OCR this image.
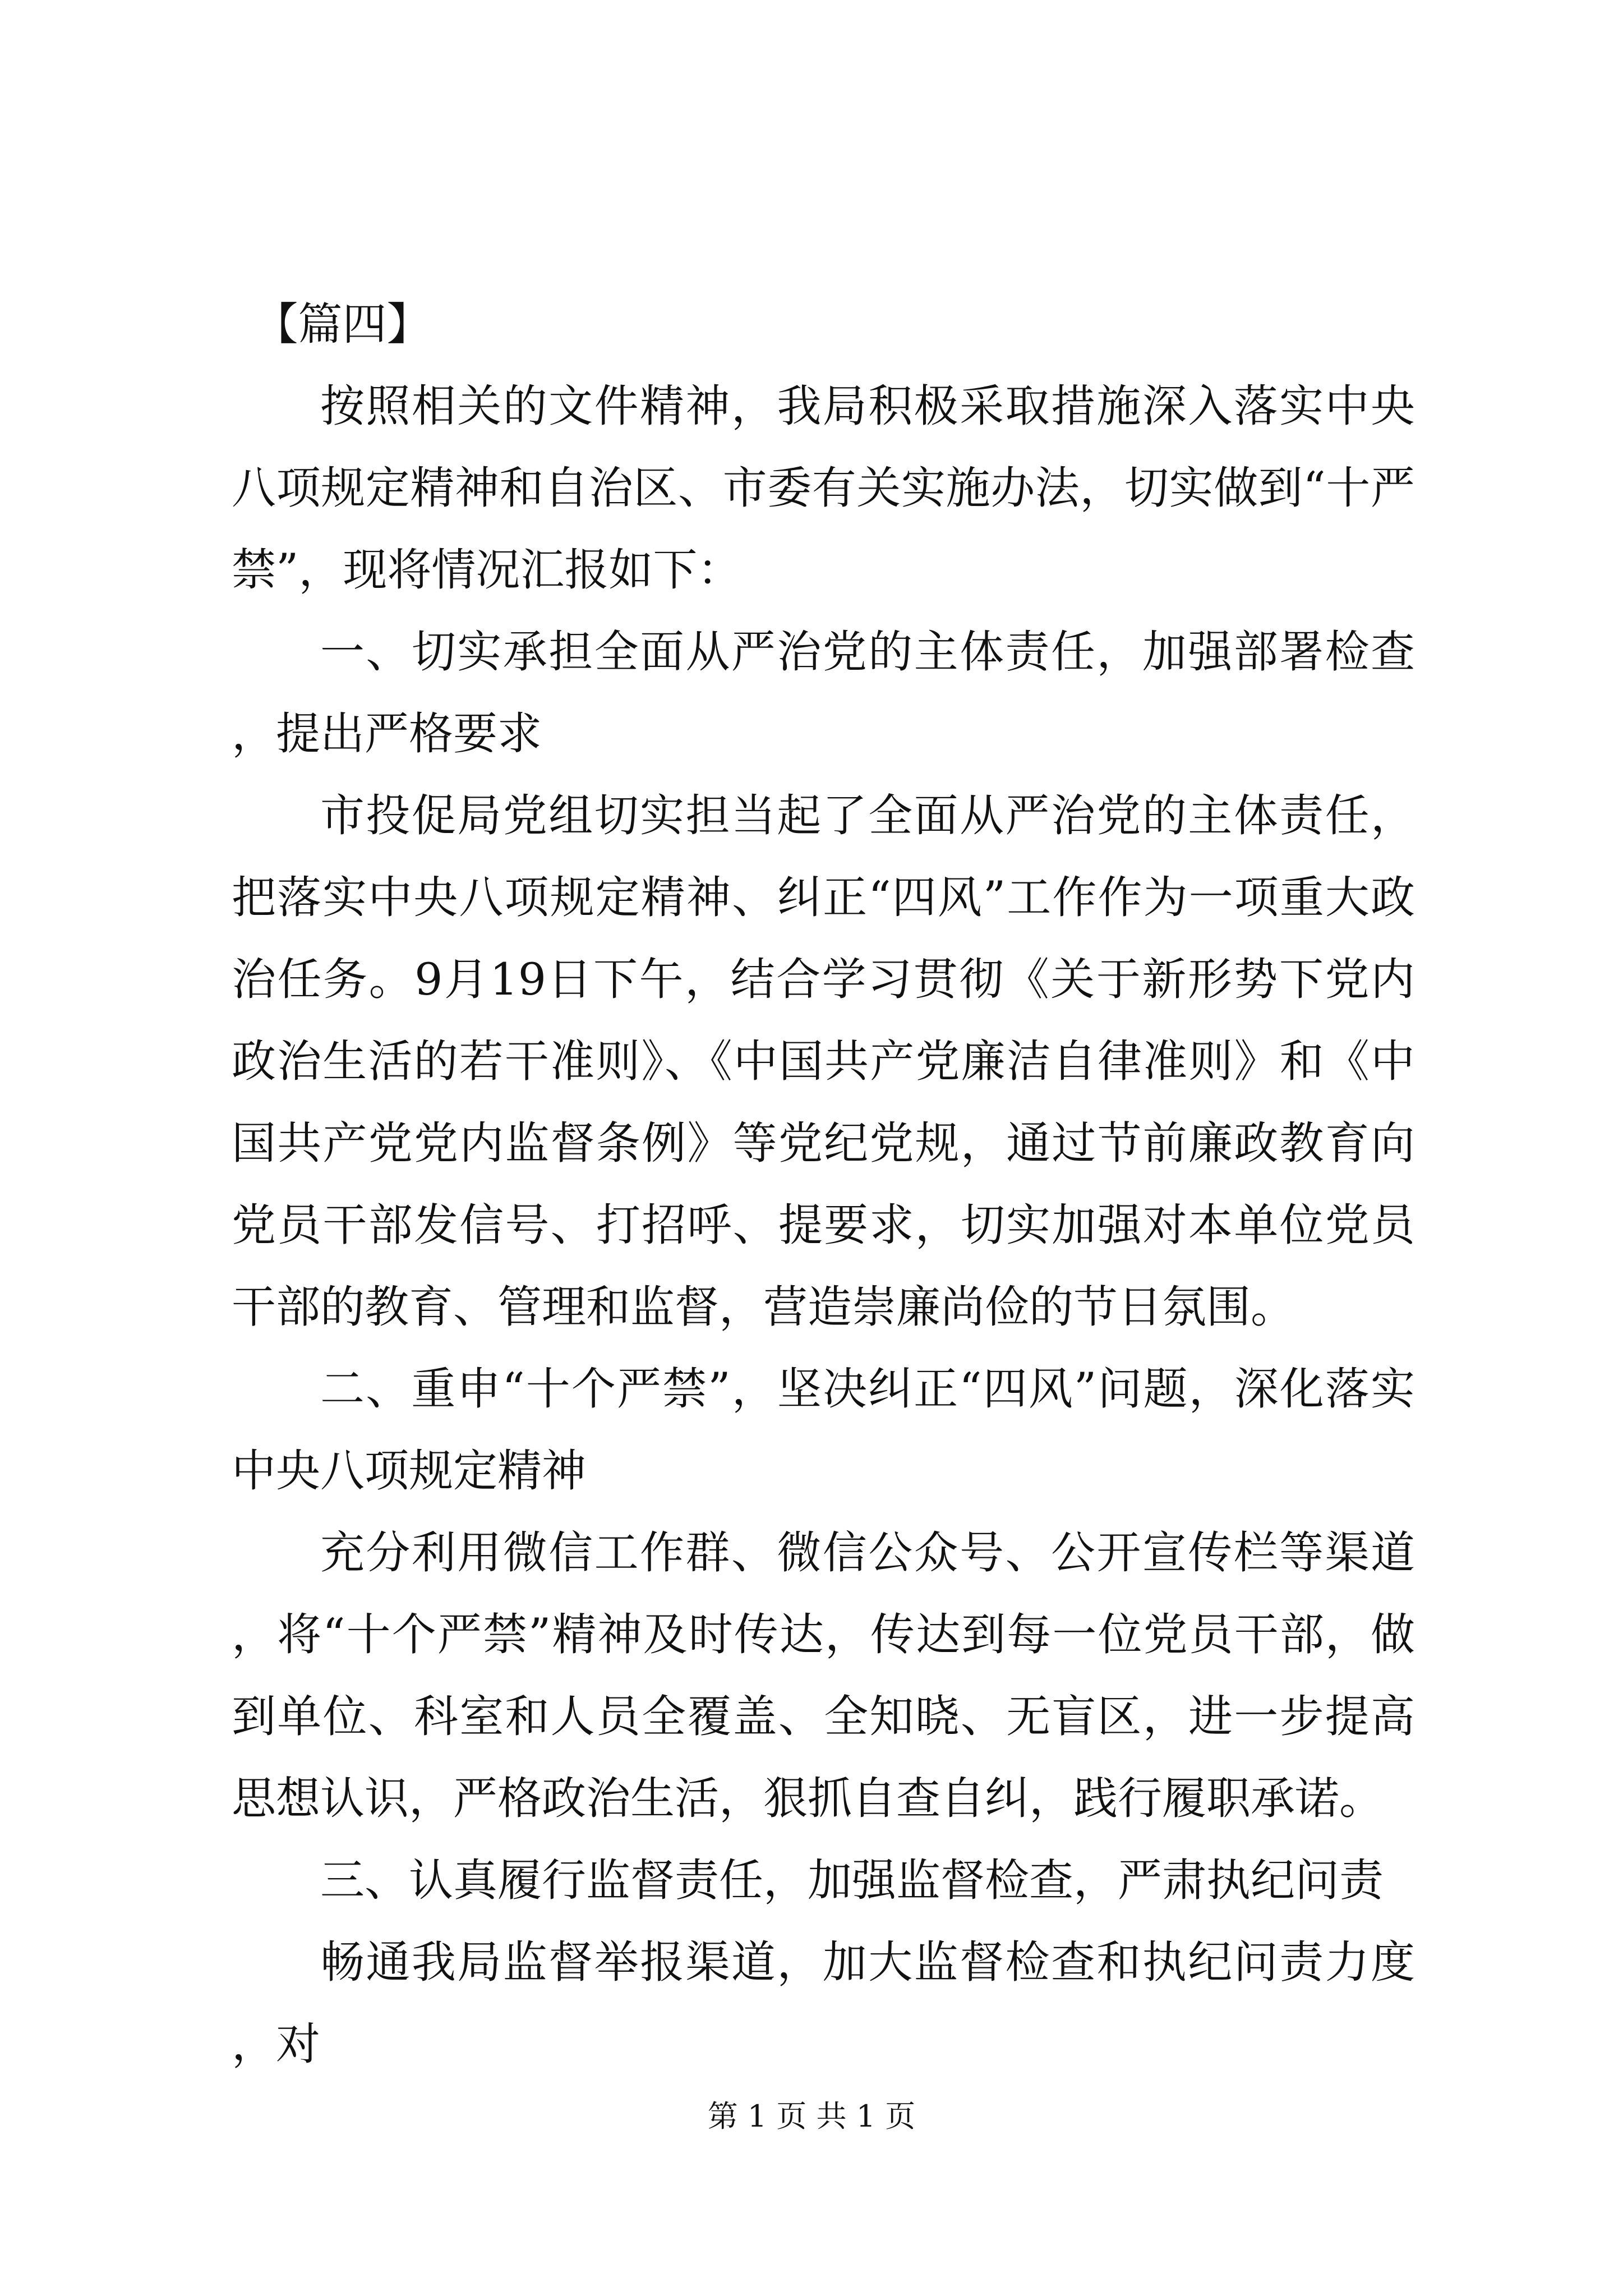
【篇四】

按照相关的文件精神，我局积极采取措施深入落实中央八项规定精神和自治区、市委有关实施办法，切实做到“十严禁”，现将情况汇报如下：

一、切实承担全面从严治党的主体责任，加强部署检查，提出严格要求

市投促局党组切实担当起了全面从严治党的主体责任，把落实中央八项规定精神、纠正“四风”工作作为一项重大政治任务。9月19日下午，结合学习贯彻《关于新形势下党内政治生活的若干准则》、《中国共产党廉洁自律准则》和《中国共产党党内监督条例》等党纪党规，通过节前廉政教育向党员干部发信号、打招呼、提要求，切实加强对本单位党员干部的教育、管理和监督，营造崇廉尚俭的节日氛围。

二、重申“十个严禁”，坚决纠正“四风”问题，深化落实中央八项规定精神

充分利用微信工作群、微信公众号、公开宣传栏等渠道，将“十个严禁”精神及时传达，传达到每一位党员干部，做到单位、科室和人员全覆盖、全知晓、无盲区，进一步提高思想认识，严格政治生活，狠抓自查自纠，践行履职承诺。

三、认真履行监督责任，加强监督检查，严肃执纪问责

畅通我局监督举报渠道，加大监督检查和执纪问责力度，对

第 1 页 共 1 页
